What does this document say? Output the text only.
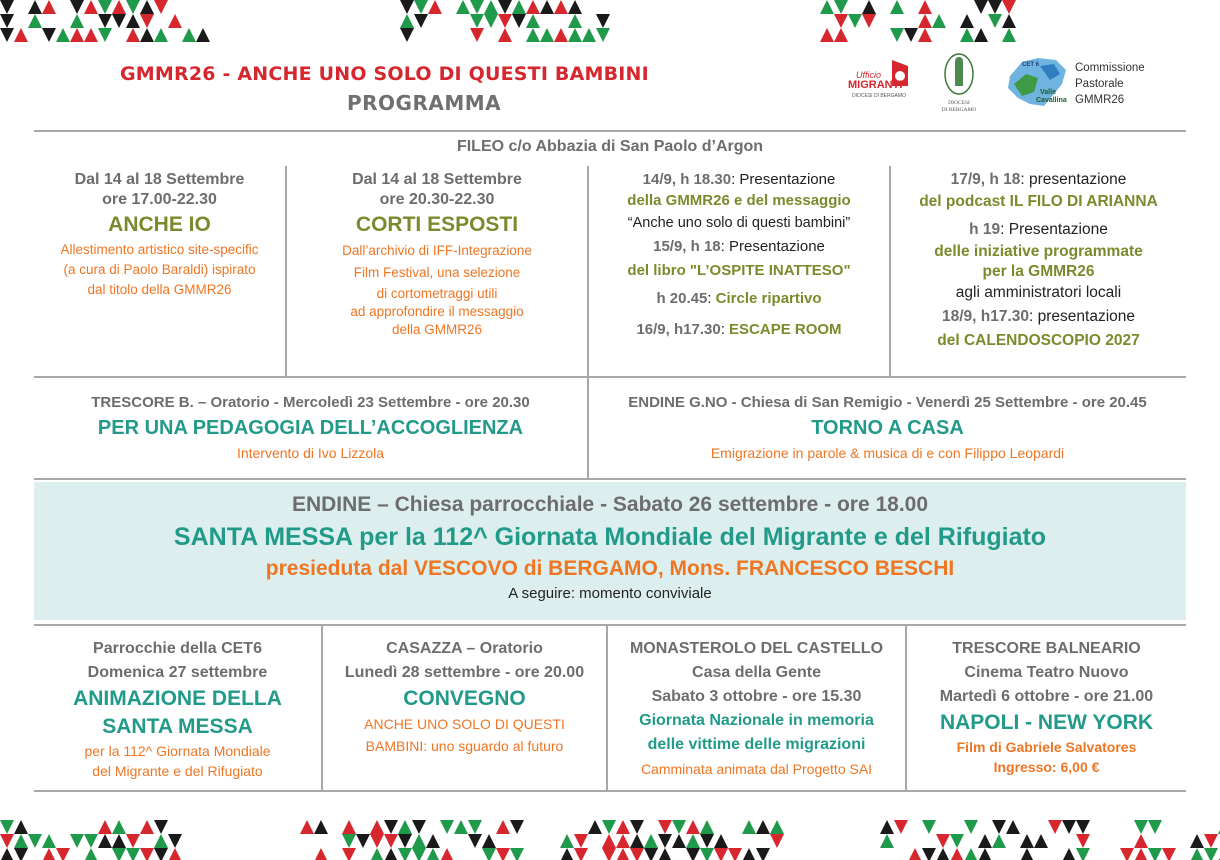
GMMR26 - ANCHE UNO SOLO DI QUESTI BAMBINI
PROGRAMMA
Ufficio
MIGRANTI
DIOCESI DI BERGAMO
DIOCESI
DI BERGAMO
CET 6
Valle
Cavallina
Commissione
Pastorale
GMMR26
FILEO c/o Abbazia di San Paolo d’Argon
Dal 14 al 18 Settembre
ore 17.00-22.30
ANCHE IO
Allestimento artistico site-specific
(a cura di Paolo Baraldi) ispirato
dal titolo della GMMR26
Dal 14 al 18 Settembre
ore 20.30-22.30
CORTI ESPOSTI
Dall’archivio di IFF-Integrazione
Film Festival, una selezione
di cortometraggi utili
ad approfondire il messaggio
della GMMR26
14/9, h 18.30: Presentazione
della GMMR26 e del messaggio
“Anche uno solo di questi bambini”
15/9, h 18: Presentazione
del libro "L’OSPITE INATTESO"
h 20.45: Circle ripartivo
16/9, h17.30: ESCAPE ROOM
17/9, h 18: presentazione
del podcast IL FILO DI ARIANNA
h 19: Presentazione
delle iniziative programmate
per la GMMR26
agli amministratori locali
18/9, h17.30: presentazione
del CALENDOSCOPIO 2027
TRESCORE B. – Oratorio - Mercoledì 23 Settembre - ore 20.30
PER UNA PEDAGOGIA DELL’ACCOGLIENZA
Intervento di Ivo Lizzola
ENDINE G.NO - Chiesa di San Remigio - Venerdì 25 Settembre - ore 20.45
TORNO A CASA
Emigrazione in parole & musica di e con Filippo Leopardi
ENDINE – Chiesa parrocchiale - Sabato 26 settembre - ore 18.00
SANTA MESSA per la 112^ Giornata Mondiale del Migrante e del Rifugiato
presieduta dal VESCOVO di BERGAMO, Mons. FRANCESCO BESCHI
A seguire: momento conviviale
Parrocchie della CET6
Domenica 27 settembre
ANIMAZIONE DELLA
SANTA MESSA
per la 112^ Giornata Mondiale
del Migrante e del Rifugiato
CASAZZA – Oratorio
Lunedì 28 settembre - ore 20.00
CONVEGNO
ANCHE UNO SOLO DI QUESTI
BAMBINI: uno sguardo al futuro
MONASTEROLO DEL CASTELLO
Casa della Gente
Sabato 3 ottobre - ore 15.30
Giornata Nazionale in memoria
delle vittime delle migrazioni
Camminata animata dal Progetto SAI
TRESCORE BALNEARIO
Cinema Teatro Nuovo
Martedì 6 ottobre - ore 21.00
NAPOLI - NEW YORK
Film di Gabriele Salvatores
Ingresso: 6,00 €
